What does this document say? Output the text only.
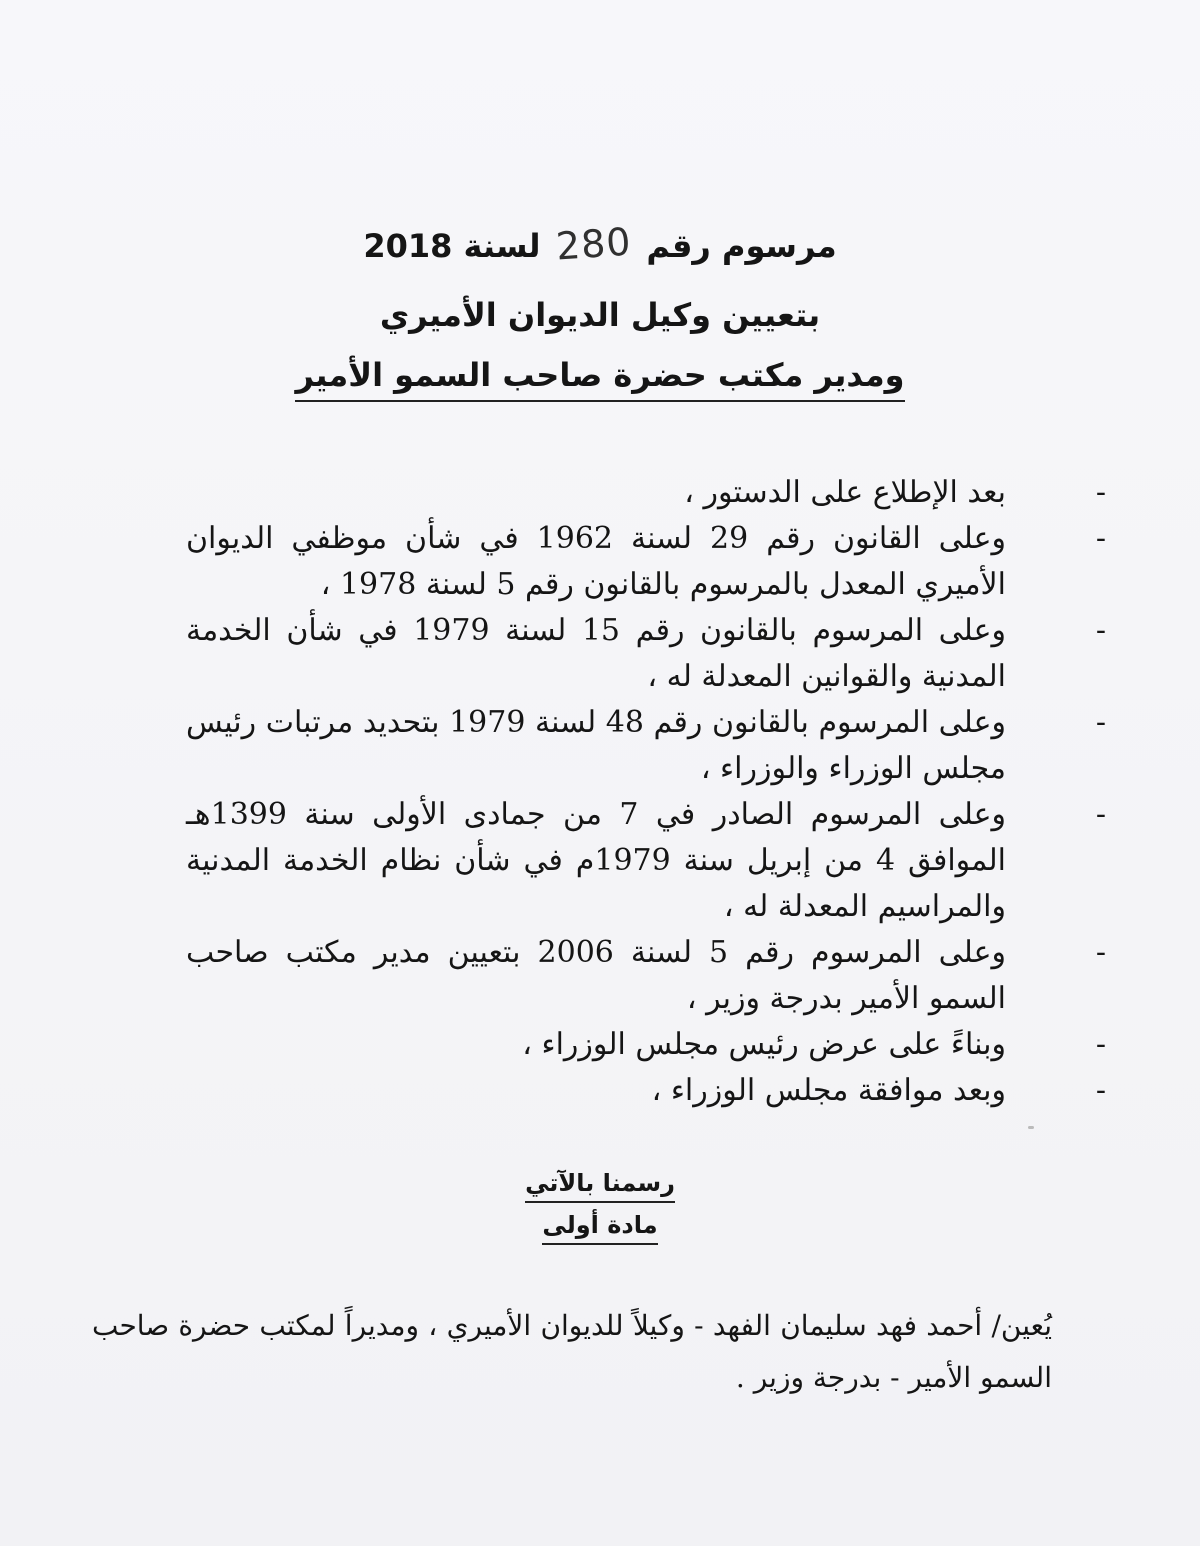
مرسوم رقم 280 لسنة 2018
بتعيين وكيل الديوان الأميري
ومدير مكتب حضرة صاحب السمو الأمير
-
بعد الإطلاع على الدستور ،
-
وعلى القانون رقم 29 لسنة 1962 في شأن موظفي الديوان الأميري المعدل بالمرسوم بالقانون رقم 5 لسنة 1978 ،
-
وعلى المرسوم بالقانون رقم 15 لسنة 1979 في شأن الخدمة المدنية والقوانين المعدلة له ،
-
وعلى المرسوم بالقانون رقم 48 لسنة 1979 بتحديد مرتبات رئيس مجلس الوزراء والوزراء ،
-
وعلى المرسوم الصادر في 7 من جمادى الأولى سنة 1399هـ الموافق 4 من إبريل سنة 1979م في شأن نظام الخدمة المدنية والمراسيم المعدلة له ،
-
وعلى المرسوم رقم 5 لسنة 2006 بتعيين مدير مكتب صاحب السمو الأمير بدرجة وزير ،
-
وبناءً على عرض رئيس مجلس الوزراء ،
-
وبعد موافقة مجلس الوزراء ،
رسمنا بالآتي
مادة أولى
يُعين/ أحمد فهد سليمان الفهد - وكيلاً للديوان الأميري ، ومديراً لمكتب حضرة صاحب السمو الأمير - بدرجة وزير .
